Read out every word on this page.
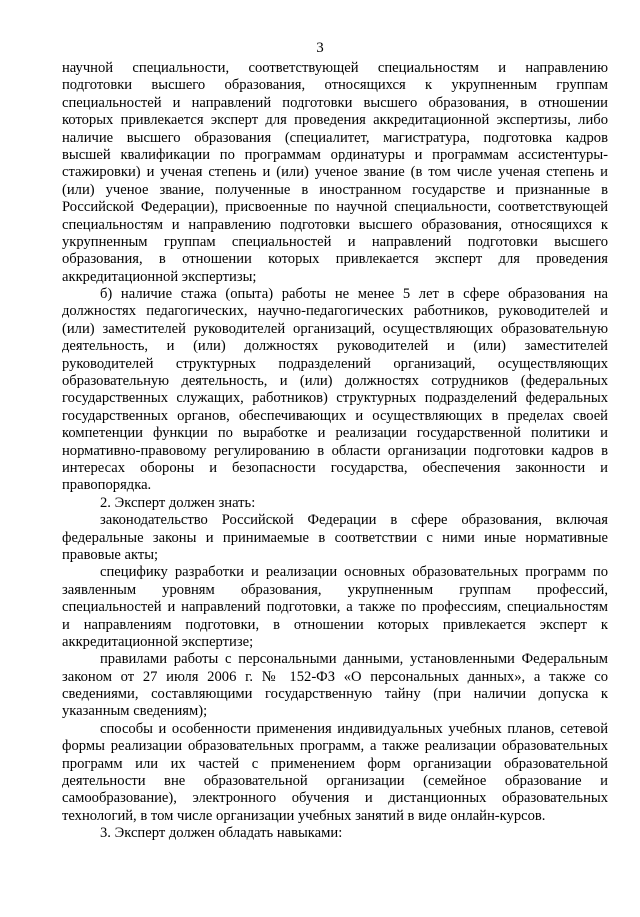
3
научной специальности, соответствующей специальностям и направлению
подготовки высшего образования, относящихся к укрупненным группам
специальностей и направлений подготовки высшего образования, в отношении
которых привлекается эксперт для проведения аккредитационной экспертизы, либо
наличие высшего образования (специалитет, магистратура, подготовка кадров
высшей квалификации по программам ординатуры и программам ассистентуры-
стажировки) и ученая степень и (или) ученое звание (в том числе ученая степень и
(или) ученое звание, полученные в иностранном государстве и признанные в
Российской Федерации), присвоенные по научной специальности, соответствующей
специальностям и направлению подготовки высшего образования, относящихся к
укрупненным группам специальностей и направлений подготовки высшего
образования, в отношении которых привлекается эксперт для проведения
аккредитационной экспертизы;
б) наличие стажа (опыта) работы не менее 5 лет в сфере образования на
должностях педагогических, научно-педагогических работников, руководителей и
(или) заместителей руководителей организаций, осуществляющих образовательную
деятельность, и (или) должностях руководителей и (или) заместителей
руководителей структурных подразделений организаций, осуществляющих
образовательную деятельность, и (или) должностях сотрудников (федеральных
государственных служащих, работников) структурных подразделений федеральных
государственных органов, обеспечивающих и осуществляющих в пределах своей
компетенции функции по выработке и реализации государственной политики и
нормативно-правовому регулированию в области организации подготовки кадров в
интересах обороны и безопасности государства, обеспечения законности и
правопорядка.
2. Эксперт должен знать:
законодательство Российской Федерации в сфере образования, включая
федеральные законы и принимаемые в соответствии с ними иные нормативные
правовые акты;
специфику разработки и реализации основных образовательных программ по
заявленным уровням образования, укрупненным группам профессий,
специальностей и направлений подготовки, а также по профессиям, специальностям
и направлениям подготовки, в отношении которых привлекается эксперт к
аккредитационной экспертизе;
правилами работы с персональными данными, установленными Федеральным
законом от 27 июля 2006 г. № 152-ФЗ «О персональных данных», а также со
сведениями, составляющими государственную тайну (при наличии допуска к
указанным сведениям);
способы и особенности применения индивидуальных учебных планов, сетевой
формы реализации образовательных программ, а также реализации образовательных
программ или их частей с применением форм организации образовательной
деятельности вне образовательной организации (семейное образование и
самообразование), электронного обучения и дистанционных образовательных
технологий, в том числе организации учебных занятий в виде онлайн-курсов.
3. Эксперт должен обладать навыками:
